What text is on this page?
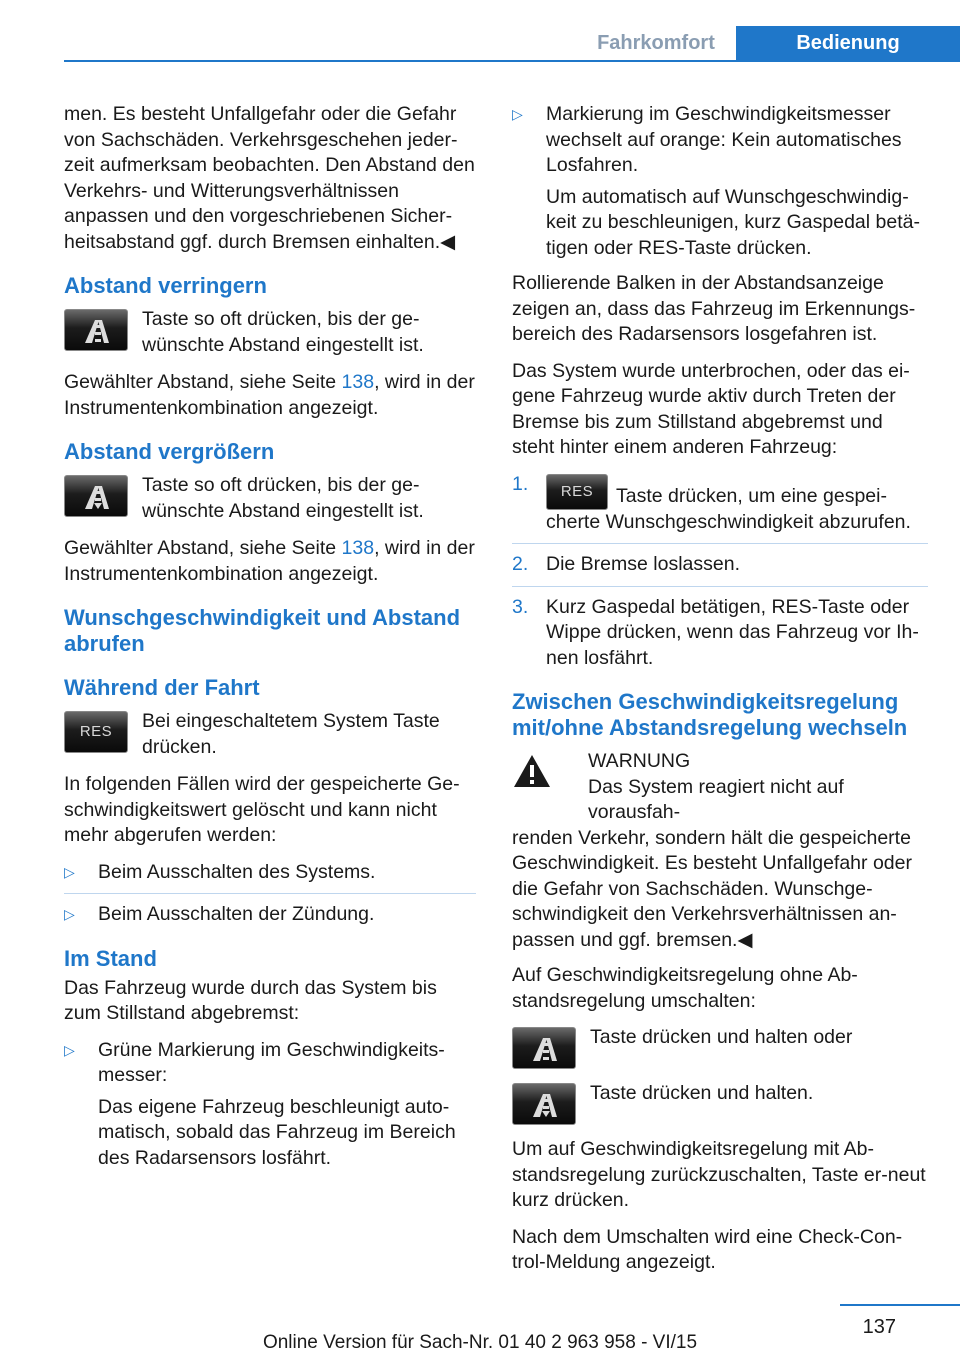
Fahrkomfort	Bedienung

men. Es besteht Unfallgefahr oder die Gefahr von Sachschäden. Verkehrsgeschehen jeder‐zeit aufmerksam beobachten. Den Abstand den Verkehrs- und Witterungsverhältnissen anpassen und den vorgeschriebenen Sicher‐heitsabstand ggf. durch Bremsen einhalten.◀

Abstand verringern
Taste so oft drücken, bis der ge‐wünschte Abstand eingestellt ist.

Gewählter Abstand, siehe Seite 138, wird in der Instrumentenkombination angezeigt.

Abstand vergrößern
Taste so oft drücken, bis der ge‐wünschte Abstand eingestellt ist.

Gewählter Abstand, siehe Seite 138, wird in der Instrumentenkombination angezeigt.

Wunschgeschwindigkeit und Abstand abrufen
Während der Fahrt
RES	Bei eingeschaltetem System Taste drücken.

In folgenden Fällen wird der gespeicherte Ge‐schwindigkeitswert gelöscht und kann nicht mehr abgerufen werden:

▷ Beim Ausschalten des Systems.
▷ Beim Ausschalten der Zündung.
Im Stand

Das Fahrzeug wurde durch das System bis zum Stillstand abgebremst:

▷ Grüne Markierung im Geschwindigkeits‐messer:

Das eigene Fahrzeug beschleunigt auto‐matisch, sobald das Fahrzeug im Bereich des Radarsensors losfährt.

▷ Markierung im Geschwindigkeitsmesser wechselt auf orange: Kein automatisches Losfahren.

Um automatisch auf Wunschgeschwindig‐keit zu beschleunigen, kurz Gaspedal betä‐tigen oder RES-Taste drücken.

Rollierende Balken in der Abstandsanzeige zeigen an, dass das Fahrzeug im Erkennungs‐bereich des Radarsensors losgefahren ist.

Das System wurde unterbrochen, oder das ei‐gene Fahrzeug wurde aktiv durch Treten der Bremse bis zum Stillstand abgebremst und steht hinter einem anderen Fahrzeug:

1.	RES	Taste drücken, um eine gespei‐cherte Wunschgeschwindigkeit abzurufen.
2. Die Bremse loslassen.
3. Kurz Gaspedal betätigen, RES-Taste oder Wippe drücken, wenn das Fahrzeug vor Ih‐nen losfährt.
Zwischen Geschwindigkeitsregelung mit/ohne Abstandsregelung wechseln
WARNUNG
Das System reagiert nicht auf vorausfah‐
renden Verkehr, sondern hält die gespeicherte Geschwindigkeit. Es besteht Unfallgefahr oder die Gefahr von Sachschäden. Wunschge‐schwindigkeit den Verkehrsverhältnissen an‐passen und ggf. bremsen.◀

Auf Geschwindigkeitsregelung ohne Ab‐standsregelung umschalten:

Taste drücken und halten oder
Taste drücken und halten.

Um auf Geschwindigkeitsregelung mit Ab‐standsregelung zurückzuschalten, Taste er‐neut kurz drücken.

Nach dem Umschalten wird eine Check-Con‐trol-Meldung angezeigt.

137
Online Version für Sach-Nr. 01 40 2 963 958 - VI/15
